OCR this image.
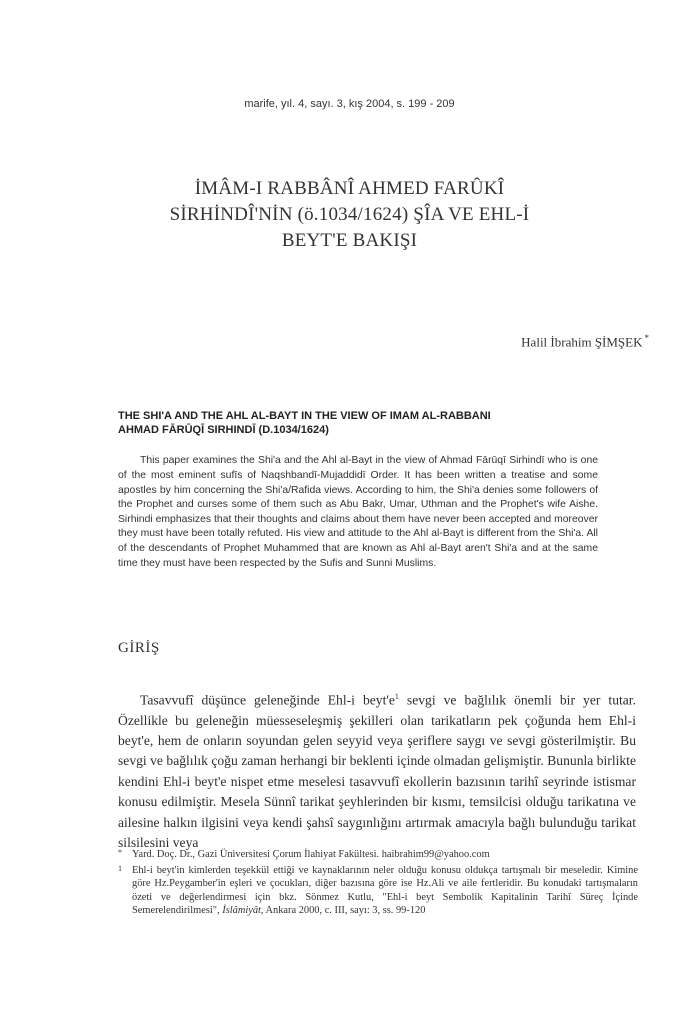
marife, yıl. 4, sayı. 3, kış 2004, s. 199 - 209
İMÂM-I RABBÂNÎ AHMED FARÛKÎ
SİRHİNDÎ'NİN (ö.1034/1624) ŞÎA VE EHL-İ
BEYT'E BAKIŞI
Halil İbrahim ŞİMŞEK *
THE SHI'A AND THE AHL AL-BAYT IN THE VIEW OF IMAM AL-RABBANI
AHMAD FĀRŪQĪ SIRHINDĪ (D.1034/1624)

This paper examines the Shi'a and the Ahl al-Bayt in the view of Ahmad Fārūqī Sirhindī who is one of the most eminent sufīs of Naqshbandī-Mujaddidī Order. It has been written a treatise and some apostles by him concerning the Shi'a/Rafida views. According to him, the Shi'a denies some followers of the Prophet and curses some of them such as Abu Bakr, Umar, Uthman and the Prophet's wife Aishe. Sirhindi emphasizes that their thoughts and claims about them have never been accepted and moreover they must have been totally refuted. His view and attitude to the Ahl al-Bayt is different from the Shi'a. All of the descendants of Prophet Muhammed that are known as Ahl al-Bayt aren't Shi'a and at the same time they must have been respected by the Sufis and Sunni Muslims.

GİRİŞ

Tasavvufî düşünce geleneğinde Ehl-i $beyt'e^1$ sevgi ve bağlılık önemli bir yer tutar. Özellikle bu geleneğin müesseseleşmiş şekilleri olan tarikatların pek çoğunda hem Ehl-i beyt'e, hem de onların soyundan gelen seyyid veya şeriflere saygı ve sevgi gösterilmiştir. Bu sevgi ve bağlılık çoğu zaman herhangi bir beklenti içinde olmadan gelişmiştir. Bununla birlikte kendini Ehl-i beyt'e nispet etme meselesi tasavvufî ekollerin bazısının tarihî seyrinde istismar konusu edilmiştir. Mesela Sünnî tarikat şeyhlerinden bir kısmı, temsilcisi olduğu tarikatına ve ailesine halkın ilgisini veya kendi şahsî saygınlığını artırmak amacıyla bağlı bulunduğu tarikat silsilesini veya

* Yard. Doç. Dr., Gazi Üniversitesi Çorum İlahiyat Fakültesi. haibrahim99@yahoo.com

1 Ehl-i beyt'in kimlerden teşekkül ettiği ve kaynaklarının neler olduğu konusu oldukça tartışmalı bir meseledir. Kimine göre Hz.Peygamber'in eşleri ve çocukları, diğer bazısına göre ise Hz.Ali ve aile fertleridir. Bu konudaki tartışmaların özeti ve değerlendirmesi için bkz. Sönmez Kutlu, "Ehl-i beyt Sembolik Kapitalinin Tarihî Süreç İçinde Semerelendirilmesi", İslâmiyât, Ankara 2000, c. III, sayı: 3, ss. 99-120
